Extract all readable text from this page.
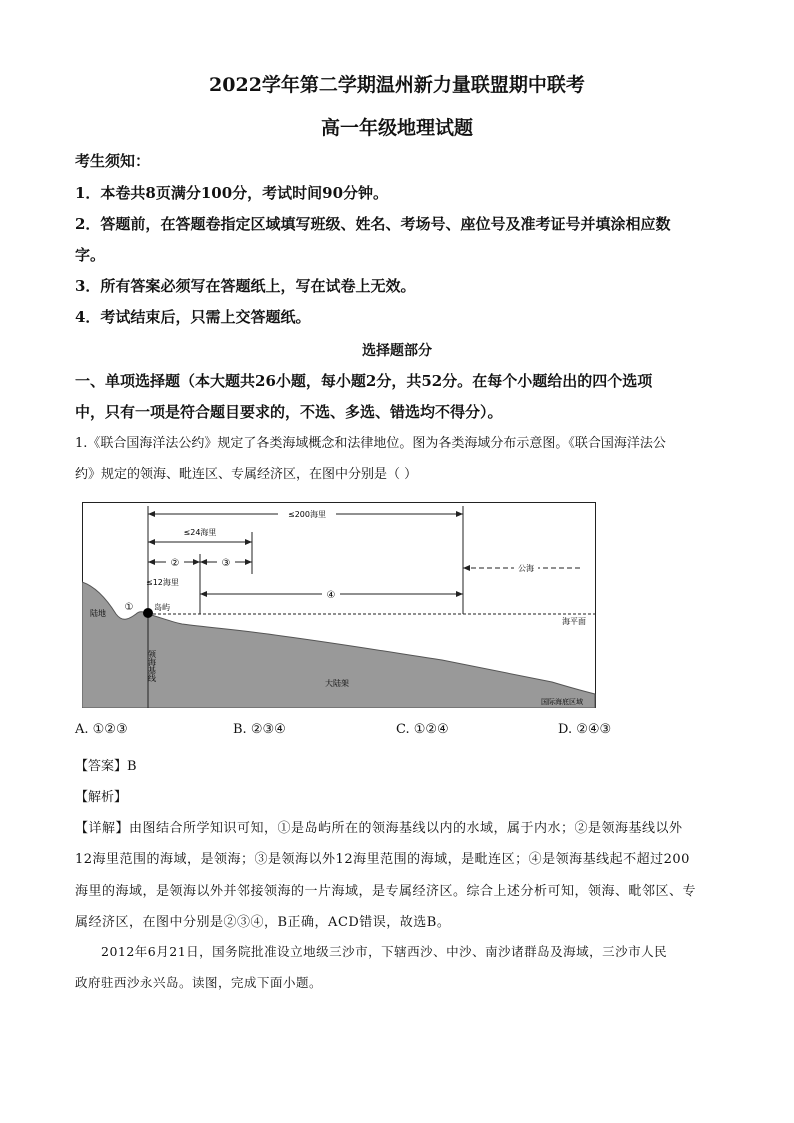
2022学年第二学期温州新力量联盟期中联考
高一年级地理试题
考生须知：
1．本卷共8页满分100分，考试时间90分钟。
2．答题前，在答题卷指定区域填写班级、姓名、考场号、座位号及准考证号并填涂相应数
字。
3．所有答案必须写在答题纸上，写在试卷上无效。
4．考试结束后，只需上交答题纸。
选择题部分
一、单项选择题（本大题共26小题，每小题2分，共52分。在每个小题给出的四个选项
中，只有一项是符合题目要求的，不选、多选、错选均不得分）。
1.《联合国海洋法公约》规定了各类海域概念和法律地位。图为各类海域分布示意图。《联合国海洋法公
约》规定的领海、毗连区、专属经济区，在图中分别是（ ）
≤200海里
≤24海里
②	③
≤12海里
④
公海
海平面
①	岛屿
陆地
领海基线
大陆架
国际海底区域
A. ①②③	B. ②③④	C. ①②④	D. ②④③
【答案】B
【解析】
【详解】由图结合所学知识可知，①是岛屿所在的领海基线以内的水域，属于内水；②是领海基线以外
12海里范围的海域，是领海；③是领海以外12海里范围的海域，是毗连区；④是领海基线起不超过200
海里的海域，是领海以外并邻接领海的一片海域，是专属经济区。综合上述分析可知，领海、毗邻区、专
属经济区，在图中分别是②③④，B正确，ACD错误，故选B。
2012年6月21日，国务院批准设立地级三沙市，下辖西沙、中沙、南沙诸群岛及海域，三沙市人民
政府驻西沙永兴岛。读图，完成下面小题。
